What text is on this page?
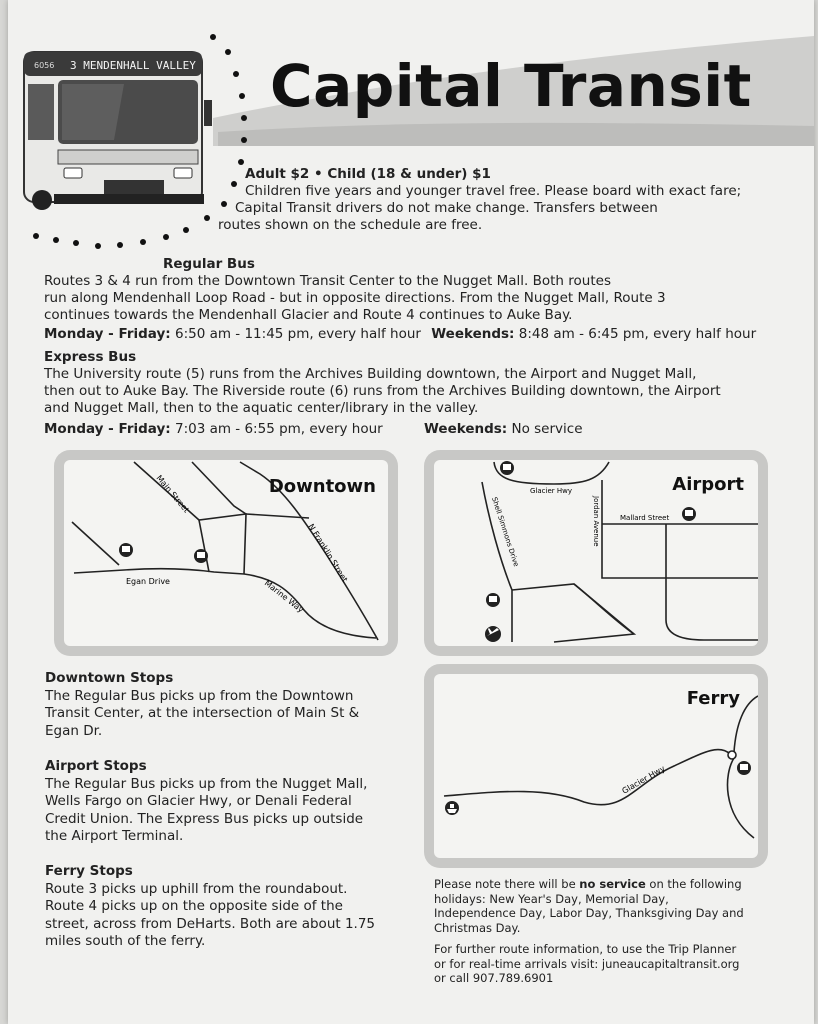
Capital Transit
3 MENDENHALL VALLEY
6056

Adult $2 • Child (18 & under) $1

Children five years and younger travel free. Please board with exact fare;

Capital Transit drivers do not make change. Transfers between

routes shown on the schedule are free.

Regular Bus

Routes 3 & 4 run from the Downtown Transit Center to the Nugget Mall. Both routes

run along Mendenhall Loop Road - but in opposite directions. From the Nugget Mall, Route 3

continues towards the Mendenhall Glacier and Route 4 continues to Auke Bay.

Monday - Friday: 6:50 am - 11:45 pm, every half hour Weekends: 8:48 am - 6:45 pm, every half hour
Express Bus

The University route (5) runs from the Archives Building downtown, the Airport and Nugget Mall,

then out to Auke Bay. The Riverside route (6) runs from the Archives Building downtown, the Airport

and Nugget Mall, then to the aquatic center/library in the valley.

Monday - Friday: 7:03 am - 6:55 pm, every hour	Weekends: No service
Downtown
Main Street
N Franklin Street
Egan Drive	Marine Way
Airport
Glacier Hwy
Jordan Avenue	Mallard Street
Shell Simmons Drive
Ferry
Glacier Hwy
Downtown Stops

The Regular Bus picks up from the Downtown

Transit Center, at the intersection of Main St &

Egan Dr.

Airport Stops

The Regular Bus picks up from the Nugget Mall,

Wells Fargo on Glacier Hwy, or Denali Federal

Credit Union. The Express Bus picks up outside

the Airport Terminal.

Ferry Stops

Route 3 picks up uphill from the roundabout.

Route 4 picks up on the opposite side of the

street, across from DeHarts. Both are about 1.75

miles south of the ferry.

Please note there will be no service on the following

holidays: New Year's Day, Memorial Day,

Independence Day, Labor Day, Thanksgiving Day and

Christmas Day.

For further route information, to use the Trip Planner

or for real-time arrivals visit: juneaucapitaltransit.org

or call 907.789.6901
